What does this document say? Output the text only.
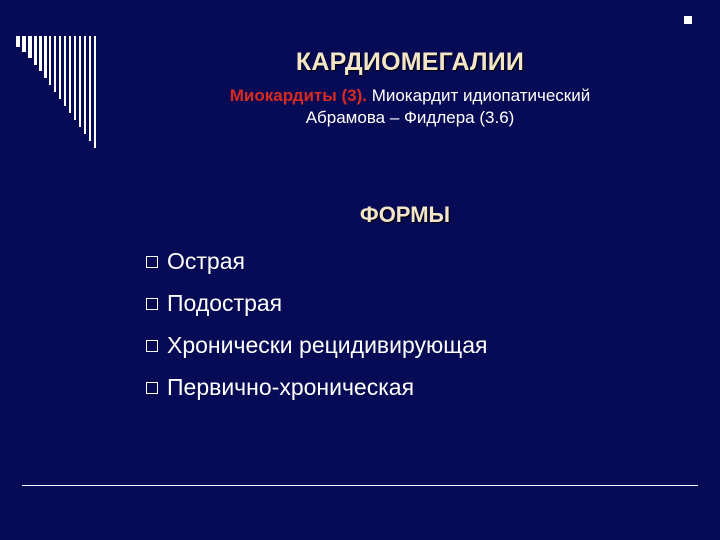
КАРДИОМЕГАЛИИ
Миокардиты (3). Миокардит идиопатический
Абрамова – Фидлера (3.6)
ФОРМЫ
Острая
Подострая
Хронически рецидивирующая
Первично-хроническая
